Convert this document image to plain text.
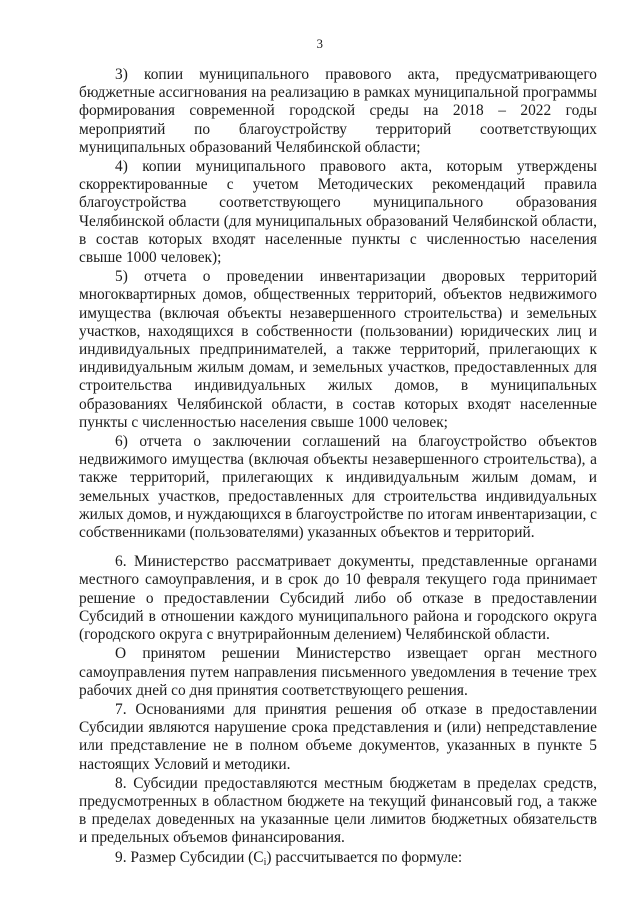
3

3) копии муниципального правового акта, предусматривающего бюджетные ассигнования на реализацию в рамках муниципальной программы формирования современной городской среды на 2018 – 2022 годы мероприятий по благоустройству территорий соответствующих муниципальных образований Челябинской области;

4) копии муниципального правового акта, которым утверждены скорректированные с учетом Методических рекомендаций правила благоустройства соответствующего муниципального образования Челябинской области (для муниципальных образований Челябинской области, в состав которых входят населенные пункты с численностью населения свыше 1000 человек);

5) отчета о проведении инвентаризации дворовых территорий многоквартирных домов, общественных территорий, объектов недвижимого имущества (включая объекты незавершенного строительства) и земельных участков, находящихся в собственности (пользовании) юридических лиц и индивидуальных предпринимателей, а также территорий, прилегающих к индивидуальным жилым домам, и земельных участков, предоставленных для строительства индивидуальных жилых домов, в муниципальных образованиях Челябинской области, в состав которых входят населенные пункты с численностью населения свыше 1000 человек;

6) отчета о заключении соглашений на благоустройство объектов недвижимого имущества (включая объекты незавершенного строительства), а также территорий, прилегающих к индивидуальным жилым домам, и земельных участков, предоставленных для строительства индивидуальных жилых домов, и нуждающихся в благоустройстве по итогам инвентаризации, с собственниками (пользователями) указанных объектов и территорий.

6. Министерство рассматривает документы, представленные органами местного самоуправления, и в срок до 10 февраля текущего года принимает решение о предоставлении Субсидий либо об отказе в предоставлении Субсидий в отношении каждого муниципального района и городского округа (городского округа с внутрирайонным делением) Челябинской области.

О принятом решении Министерство извещает орган местного самоуправления путем направления письменного уведомления в течение трех рабочих дней со дня принятия соответствующего решения.

7. Основаниями для принятия решения об отказе в предоставлении Субсидии являются нарушение срока представления и (или) непредставление или представление не в полном объеме документов, указанных в пункте 5 настоящих Условий и методики.

8. Субсидии предоставляются местным бюджетам в пределах средств, предусмотренных в областном бюджете на текущий финансовый год, а также в пределах доведенных на указанные цели лимитов бюджетных обязательств и предельных объемов финансирования.

9. Размер Субсидии $(С_i)$ рассчитывается по формуле:
